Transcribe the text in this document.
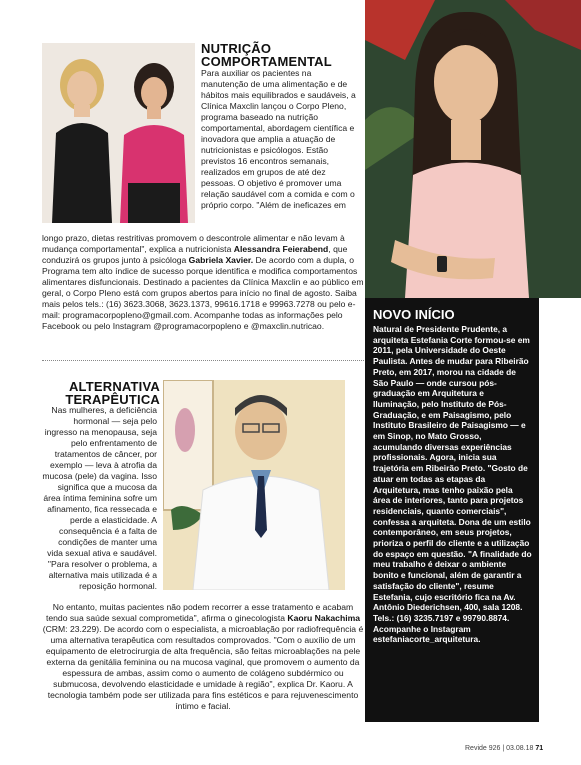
NUTRIÇÃO COMPORTAMENTAL
Para auxiliar os pacientes na manutenção de uma alimentação e de hábitos mais equilibrados e saudáveis, a Clínica Maxclin lançou o Corpo Pleno, programa baseado na nutrição comportamental, abordagem científica e inovadora que amplia a atuação de nutricionistas e psicólogos. Estão previstos 16 encontros semanais, realizados em grupos de até dez pessoas. O objetivo é promover uma relação saudável com a comida e com o próprio corpo. "Além de ineficazes em
longo prazo, dietas restritivas promovem o descontrole alimentar e não levam à mudança comportamental", explica a nutricionista Alessandra Feierabend, que conduzirá os grupos junto à psicóloga Gabriela Xavier. De acordo com a dupla, o Programa tem alto índice de sucesso porque identifica e modifica comportamentos alimentares disfuncionais. Destinado a pacientes da Clínica Maxclin e ao público em geral, o Corpo Pleno está com grupos abertos para início no final de agosto. Saiba mais pelos tels.: (16) 3623.3068, 3623.1373, 99616.1718 e 99963.7278 ou pelo e-mail: programacorpopleno@gmail.com. Acompanhe todas as informações pelo Facebook ou pelo Instagram @programacorpopleno e @maxclin.nutricao.
ALTERNATIVA
TERAPÊUTICA
Nas mulheres, a deficiência hormonal — seja pelo ingresso na menopausa, seja pelo enfrentamento de tratamentos de câncer, por exemplo — leva à atrofia da mucosa (pele) da vagina. Isso significa que a mucosa da área íntima feminina sofre um afinamento, fica ressecada e perde a elasticidade. A consequência é a falta de condições de manter uma vida sexual ativa e saudável. "Para resolver o problema, a alternativa mais utilizada é a reposição hormonal.
No entanto, muitas pacientes não podem recorrer a esse tratamento e acabam tendo sua saúde sexual comprometida", afirma o ginecologista Kaoru Nakachima (CRM: 23.229). De acordo com o especialista, a microablação por radiofrequência é uma alternativa terapêutica com resultados comprovados. "Com o auxílio de um equipamento de eletrocirurgia de alta frequência, são feitas microablações na pele externa da genitália feminina ou na mucosa vaginal, que promovem o aumento da espessura de ambas, assim como o aumento de colágeno subdérmico ou submucosa, devolvendo elasticidade e umidade à região", explica Dr. Kaoru. A tecnologia também pode ser utilizada para fins estéticos e para rejuvenescimento íntimo e facial.
NOVO INÍCIO
Natural de Presidente Prudente, a arquiteta Estefania Corte formou-se em 2011, pela Universidade do Oeste Paulista. Antes de mudar para Ribeirão Preto, em 2017, morou na cidade de São Paulo — onde cursou pós-graduação em Arquitetura e Iluminação, pelo Instituto de Pós-Graduação, e em Paisagismo, pelo Instituto Brasileiro de Paisagismo — e em Sinop, no Mato Grosso, acumulando diversas experiências profissionais. Agora, inicia sua trajetória em Ribeirão Preto. "Gosto de atuar em todas as etapas da Arquitetura, mas tenho paixão pela área de interiores, tanto para projetos residenciais, quanto comerciais", confessa a arquiteta. Dona de um estilo contemporâneo, em seus projetos, prioriza o perfil do cliente e a utilização do espaço em questão. "A finalidade do meu trabalho é deixar o ambiente bonito e funcional, além de garantir a satisfação do cliente", resume Estefania, cujo escritório fica na Av. Antônio Diederichsen, 400, sala 1208. Tels.: (16) 3235.7197 e 99790.8874. Acompanhe o Instagram estefaniacorte_arquitetura.
Revide 926 | 03.08.18 71
